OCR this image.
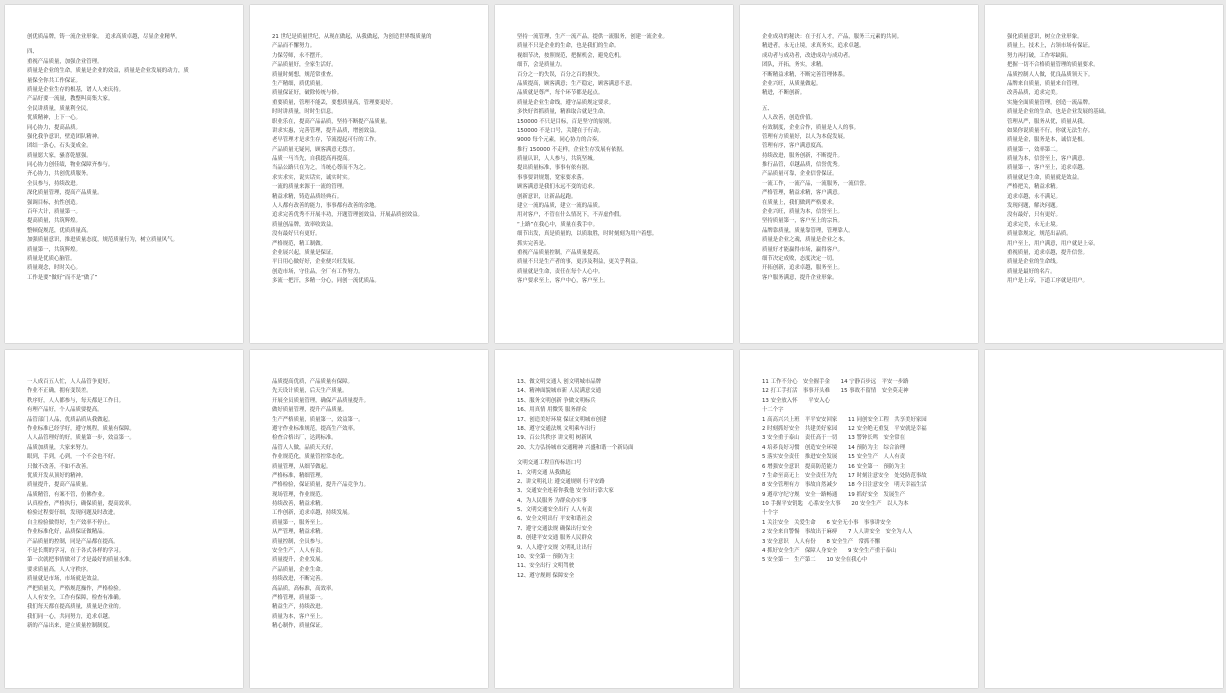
创优质品牌，铸一流企业形象。　追求高质卓越，尽显企业精华。
四、
重视产品质量，加强企业管理。
质量是企业的生命，质量是企业的效益，质量是企业发展的动力，质
量保全你共工作保证。
质量是企业生存的根基，谱人人来庆持。
产品好要一流量，教整叫高集大家。
全民讲质量，质量利全民。
优质精神，上下一心。
同心协力，提高品质。
强化我争意识，壁造团队精神。
团结一条心，石头变成金。
质量愿大家，骚喜乾慰强。
同心协力创佳绩，物业保障齐参与。
齐心协力，共创优质服务。
全员参与，持续改进。
深化质量管理，提高产品质量。
强调目标，抗性创造。
百年大计，质量第一。
提高质量，共筑辉煌。
整顿促规范，优质质量高。
加强质量意识，推进质量态度，规范质量行为，树立质量风气。
质量第一，共筑辉煌。
质量是优质心脑管。
质量观念，时时关心。
工作是要“做好”而不是“做了”
21 世纪是质量世纪，从现在做起，从我做起，为创造世界级质量的
产品而不懈努力。
力保劳师，永不摆开。
产品质量好，全家生活好。
质量时刻想，规范常重查。
生产精细，质优质量。
质量保证好，破除传统与修。
重要质量，管理不能丢，要想质量高，管理要更好。
时时讲质量，时时生信息。
职业乐在，提高产品品质，坚持不断提产品质量。
讲求实惠，完善管理，提升品质，增创效益。
老早管理才是求生存，节流提起可行的工作。
产品质量无疑问，顾客满意无怨言。
品质一马当先，自我提高再提高。
当品公路只在为之，当统心尊而不为之。
求实求实，说实话实，诚实时实。
一流的质量来源于一流的管理。
精益求精，铸造品质经典石。
人人都有改善的能力，事事都有改善的余地。
追求完善优秀不开展丰功，开题管理创效益，开展品质创效益。
质量创品牌，效率收效益。
没有最好只有更好。
严格规范，精工制做。
企业展兴起，质量是保证。
平日用心做好好，企业便兴旺发展。
创造市场，守住品，全厂有工作努力。
多流一把汗，多精一分心，同创一流优质品。
坚持一流管理，生产一流产品，提供一流服务，创建一流企业。
质量不只是企业的生命，也是我们的生命。
视细节决，按照规范，把握机会，避免危机。
细节，会是质量力。
百分之一的失误，百分之百的损失。
品质提高，顾客满意；生产稳定，顾客满意不意。
品质就是尊严，每个环节都是起点。
质量是企业生命线，遵守品质规定要求。
多快好省抓质量，精准取合就是生命。
150000 不只是目标，百是坚守的原则。
150000 不是口号，关键在于行动。
9000 每个元素，同心协力的合奏。
推行 150000 不走样，企业生存发展有依据。
质量认识，人人参与，共筑坚城。
提出质量标准，事事有依有据。
事事要讲规划，宽家要求落。
顾客满意是我们永远不变的追求。
创新意识，让新品起跑。
建立一流的品质，建立一流的品质。
用对客户，不管在什么情况下，不弄虚作假。
“上路”在我心中，质量在我手中。
细节出发，真是质量的，以质取胜，时时刻刻为用户着想。
抓实完善是。
重视产品质量控制，产品质量提高。
质量不只是生产者的事，更涉及利益，更关乎利益。
质量就是生命，责任在每个人心中。
客户要求至上，客户中心，客户至上。
企业成功的秘诀：在于打人才，产品，服务三元素的共同。
精进者，永无止境，求真务实，追求卓越。
成功者与成功者，改进成功与成功者。
团队，开拓，务实，求精。
不断精益求精，不断完善管理体系。
企业兴旺，从质量做起。
精进，不断创新。
五、
人人改善，创造价值。
有效制度，企业合作，质量是人人的事。
管理有方质量好，以人为本促发展。
管理有序，客户满意度高。
持续改进，服务创新，不断提升。
推行品管，卓越品质，信誉优秀。
产品质量可靠，企业信誉保证。
一流工作，一流产品，一流服务，一流信誉。
严格管理，精益求精，客户满意。
在质量上，我们做到严格要求。
企业兴旺，质量为本，信誉至上。
坚持质量第一，客户至上的宗旨。
品牌靠质量，质量靠管理，管理靠人。
质量是企业之魂，质量是企业之本。
质量好才能赢得市场，赢得客户。
细节决定成败，态度决定一切。
开拓创新，追求卓越，服务至上。
客户服务满意，提升企业形象。
强化质量意识，树立企业形象。
质量上，技术上，占领市场有保证。
努力再打破，工作零缺陷。
把握一切不合格质量管理的质量要求。
品质控制人人做，优良品质领天下。
品牌来自质量，质量来自管理。
改善品质，追求完美。
实施全面质量管理，创造一流品牌。
质量是企业的生命，也是企业发展的基础。
管理从严，服务从优，质量从我。
如果你说质量不行，你就无法生存。
质量是金，服务是本，诚信是根。
质量第一，效率第二。
质量为本，信誉至上，客户满意。
质量第一，客户至上，追求卓越。
质量就是生命，质量就是效益。
严格把关，精益求精。
追求卓越，永不满足。
发现问题，解决问题。
没有最好，只有更好。
追求完美，永无止境。
质量靠规定，规范出品质。
用户至上，用户满意，用户就是上帝。
重视质量，追求卓越，提升信誉。
质量是企业的生命线。
质量是最好的名片。
用户是上帝，下道工序就是用户。
一人成百五人忙，人人品管争更好。
作业不正确，拥有变误差。
秩序好，人人都参与，每天都是工作日。
有理产品好，个人品质要提高。
品管部门人品，优质品质从我做起。
作业标准已经学好，遵守规程，质量有保障。
人人品管理好的好，质量第一步，效益第一。
品质加质量，大家来努力。
眼到，手到，心到，一个不会也不好。
只做不改善，不如不改善。
优质开发从顶好的精神。
质量提升，提高产品质量。
品质精管，有案不管，仿佛作业。
认真检查，严格执行，确保质量，提高效率。
检验过程要仔细，发现问题及时改进。
自主检验做得好，生产效率不停止。
作业标准化好，品质保证做精品。
产品质量的控制，同是产品都在提高。
不是长期的学习，在于各式各样的学习。
第一次就把事情做对了才是最好的质量水准。
要求质量高，人人守秩序。
质量就是市场，市场就是效益。
严把质量关，严格规范操作，严格检验。
人人有安全，工作有保障，检查有准确。
我们每天都在提高质量，质量是企业的。
我们同一心，共同努力，追求卓越。
新的产品出来，建立质量控制制度。
品质提高优质，产品质量有保障。
先天设计质量，后天生产质量。
开展全员质量管理，确保产品质量提升。
做好质量管理，提升产品质量。
生产严格质量，质量第一，效益第一。
遵守作业标准规范，提高生产效率。
检查合格出厂，达到标准。
品管人人做，品质天天好。
作业规范化，质量管控常态化。
质量管理，从细节做起。
严格标准，精细管理。
严格检验，保证质量，提升产品竞争力。
现场管理，作业规范。
持续改善，精益求精。
工作创新，追求卓越，持续发展。
质量第一，服务至上。
从严管理，精益求精。
质量控制，全员参与。
安全生产，人人有责。
质量提升，企业发展。
产品质量，企业生命。
持续改进，不断完善。
高品质，高标准，高效率。
严格管理，质量第一。
精益生产，持续改进。
质量为本，客户至上。
精心制作，质量保证。
13、做文明交通人 创文明城市品牌
14、精神面貌城市新 人民满意交通
15、服务文明创新 争做文明标兵
16、用真情 用微笑 服务群众
17、创造美好环境 保证文明城市创建
18、遵守交通法规 文明乘车出行
19、百公共秩序 讲文明 树新风
20、大力弘扬城市交通精神 兴盛和谐一个新局面
文明交通工程宣传标语口号
1、文明交通 从我做起
2、讲文明礼让 遵交通规则 行平安路
3、交通安全连着你我他 安全出行靠大家
4、为人民服务 为群众办实事
5、文明交通安全出行 人人有责
6、安全文明出行 平安和谐社会
7、遵守交通法规 确保出行安全
8、创建平安交通 服务人民群众
9、人人遵守交规 文明礼让出行
10、安全第一 预防为主
11、安全出行 文明驾驶
12、遵守规则 保障安全
11 工作不分心　安全握手金　　14 宁静百步远　平安一步路
12 打工手打活　事事开头难　　15 事故不留情　安全莫走神
13 安全放入怀　　平安入心
十二个字
1 高高兴兴上班　平平安安回家　　11 同创安全工程　共享美好家园
2 时刻抓好安全　共建美好家园　　12 安全绝无重复　平安就是幸福
3 安全重于泰山　责任高于一切　　13 警钟长鸣　安全常在
4 培养良好习惯　创造安全环境　　14 预防为主　综合治理
5 落实安全责任　推进安全发展　　15 安全生产　人人有责
6 增强安全意识　提高防范能力　　16 安全第一　预防为主
7 生命至高无上　安全责任为先　　17 时刻注意安全　处处防范事故
8 安全管理有方　事故自然减少　　18 今日注意安全　明天幸福生活
9 遵章守纪守规　安全一路畅通　　19 抓好安全　发展生产
10 手握平安钥匙　心系安全大事　　20 安全生产　以人为本
十个字
1 关注安全　关爱生命　　6 安全无小事　事事讲安全
2 安全来自警惕　事故出于麻痹　　7 人人讲安全　安全为人人
3 安全意识　人人有份　　8 安全生产　常抓不懈
4 抓好安全生产　保障人身安全　　9 安全生产重于泰山
5 安全第一　生产第二　　10 安全在我心中
